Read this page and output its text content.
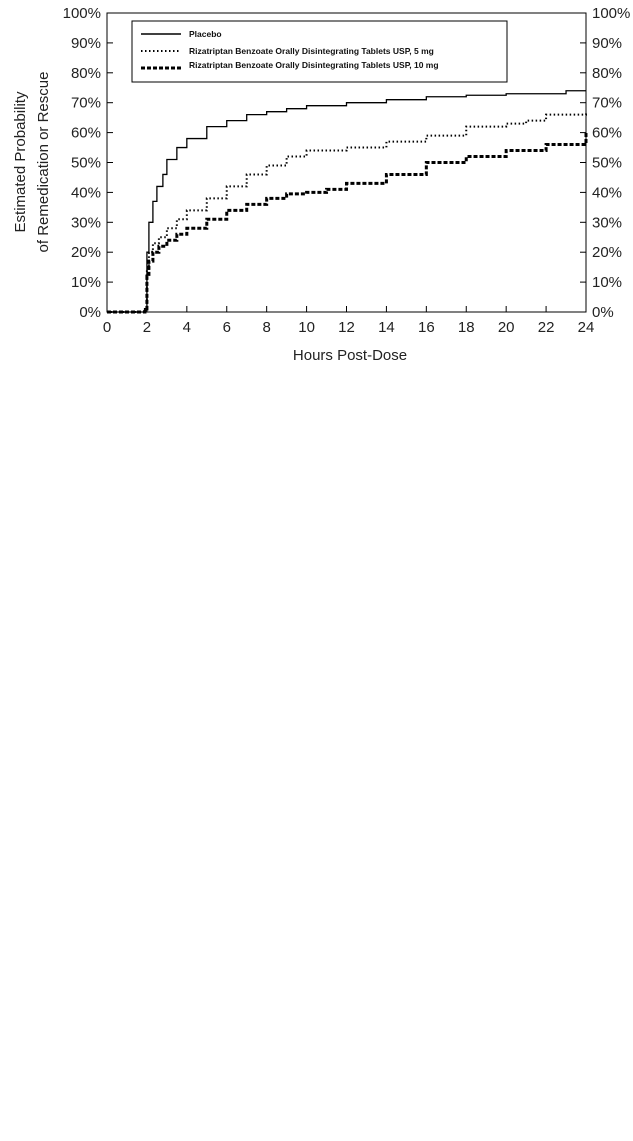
0%	0%
10%	10%
20%	20%
30%	30%
40%	40%
50%	50%
60%	60%
70%	70%
80%	80%
90%	90%
100%	100%
0 2 4 6 8 10 12 14 16 18 20 22 24
Hours Post-Dose
Estimated Probability of Remedication or Rescue
Placebo
Rizatriptan Benzoate Orally Disintegrating Tablets USP, 5 mg
Rizatriptan Benzoate Orally Disintegrating Tablets USP, 10 mg
